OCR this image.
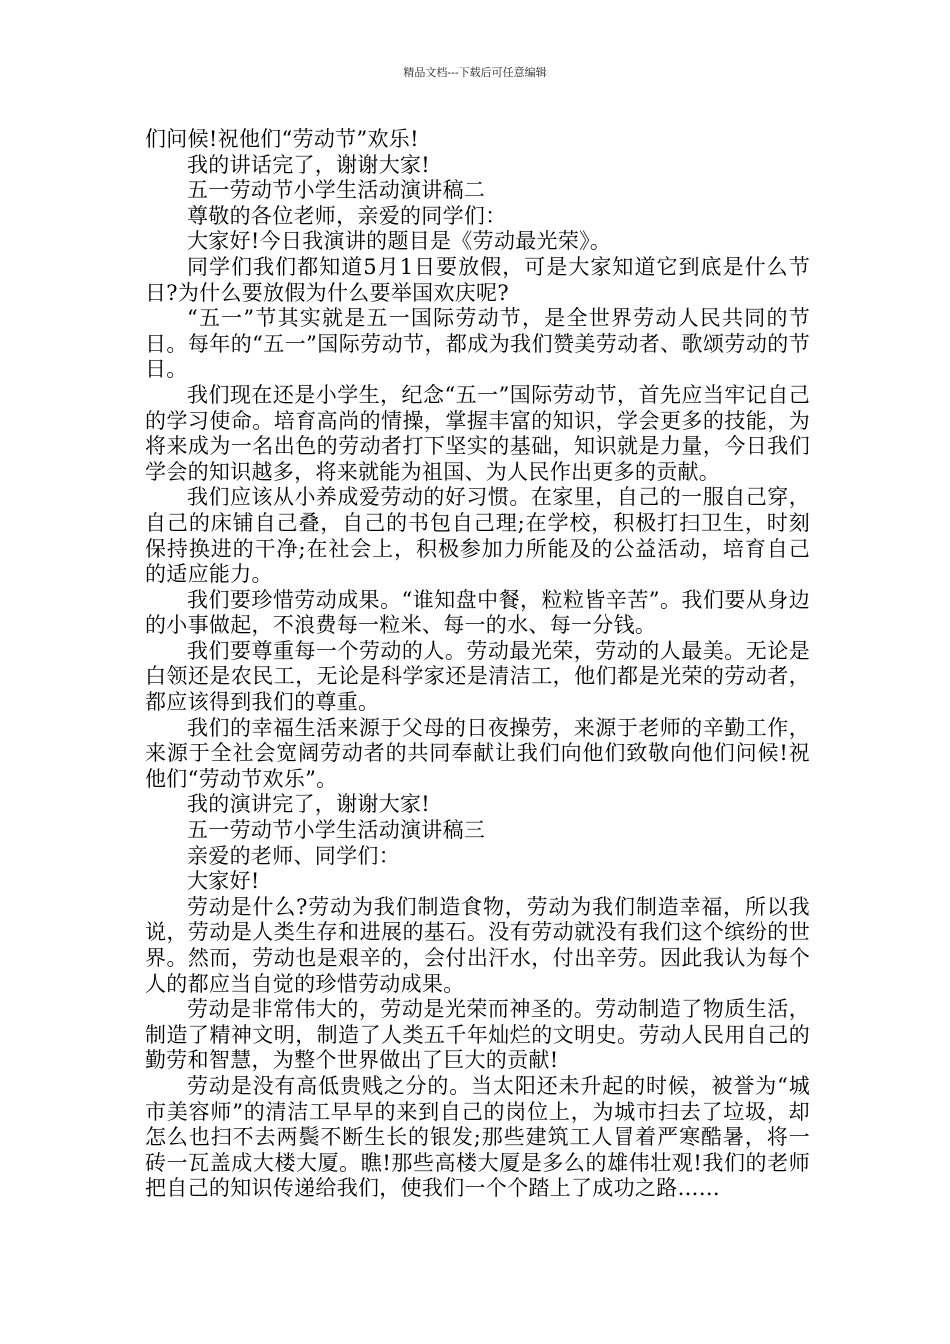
精品文档---下载后可任意编辑

们问候!祝他们“劳动节”欢乐!

我的讲话完了，谢谢大家!

五一劳动节小学生活动演讲稿二

尊敬的各位老师，亲爱的同学们：

大家好!今日我演讲的题目是《劳动最光荣》。

同学们我们都知道5月1日要放假，可是大家知道它到底是什么节日?为什么要放假为什么要举国欢庆呢?

“五一”节其实就是五一国际劳动节，是全世界劳动人民共同的节日。每年的“五一”国际劳动节，都成为我们赞美劳动者、歌颂劳动的节日。

我们现在还是小学生，纪念“五一”国际劳动节，首先应当牢记自己的学习使命。培育高尚的情操，掌握丰富的知识，学会更多的技能，为将来成为一名出色的劳动者打下坚实的基础，知识就是力量，今日我们学会的知识越多，将来就能为祖国、为人民作出更多的贡献。

我们应该从小养成爱劳动的好习惯。在家里，自己的一服自己穿，自己的床铺自己叠，自己的书包自己理;在学校，积极打扫卫生，时刻保持换进的干净;在社会上，积极参加力所能及的公益活动，培育自己的适应能力。

我们要珍惜劳动成果。“谁知盘中餐，粒粒皆辛苦”。我们要从身边的小事做起，不浪费每一粒米、每一的水、每一分钱。

我们要尊重每一个劳动的人。劳动最光荣，劳动的人最美。无论是白领还是农民工，无论是科学家还是清洁工，他们都是光荣的劳动者，都应该得到我们的尊重。

我们的幸福生活来源于父母的日夜操劳，来源于老师的辛勤工作，来源于全社会宽阔劳动者的共同奉献让我们向他们致敬向他们问候!祝他们“劳动节欢乐”。

我的演讲完了，谢谢大家!

五一劳动节小学生活动演讲稿三

亲爱的老师、同学们：

大家好!

劳动是什么?劳动为我们制造食物，劳动为我们制造幸福，所以我说，劳动是人类生存和进展的基石。没有劳动就没有我们这个缤纷的世界。然而，劳动也是艰辛的，会付出汗水，付出辛劳。因此我认为每个人的都应当自觉的珍惜劳动成果。

劳动是非常伟大的，劳动是光荣而神圣的。劳动制造了物质生活，制造了精神文明，制造了人类五千年灿烂的文明史。劳动人民用自己的勤劳和智慧，为整个世界做出了巨大的贡献!

劳动是没有高低贵贱之分的。当太阳还未升起的时候，被誉为“城市美容师”的清洁工早早的来到自己的岗位上，为城市扫去了垃圾，却怎么也扫不去两鬓不断生长的银发;那些建筑工人冒着严寒酷暑，将一砖一瓦盖成大楼大厦。瞧!那些高楼大厦是多么的雄伟壮观!我们的老师把自己的知识传递给我们，使我们一个个踏上了成功之路……
